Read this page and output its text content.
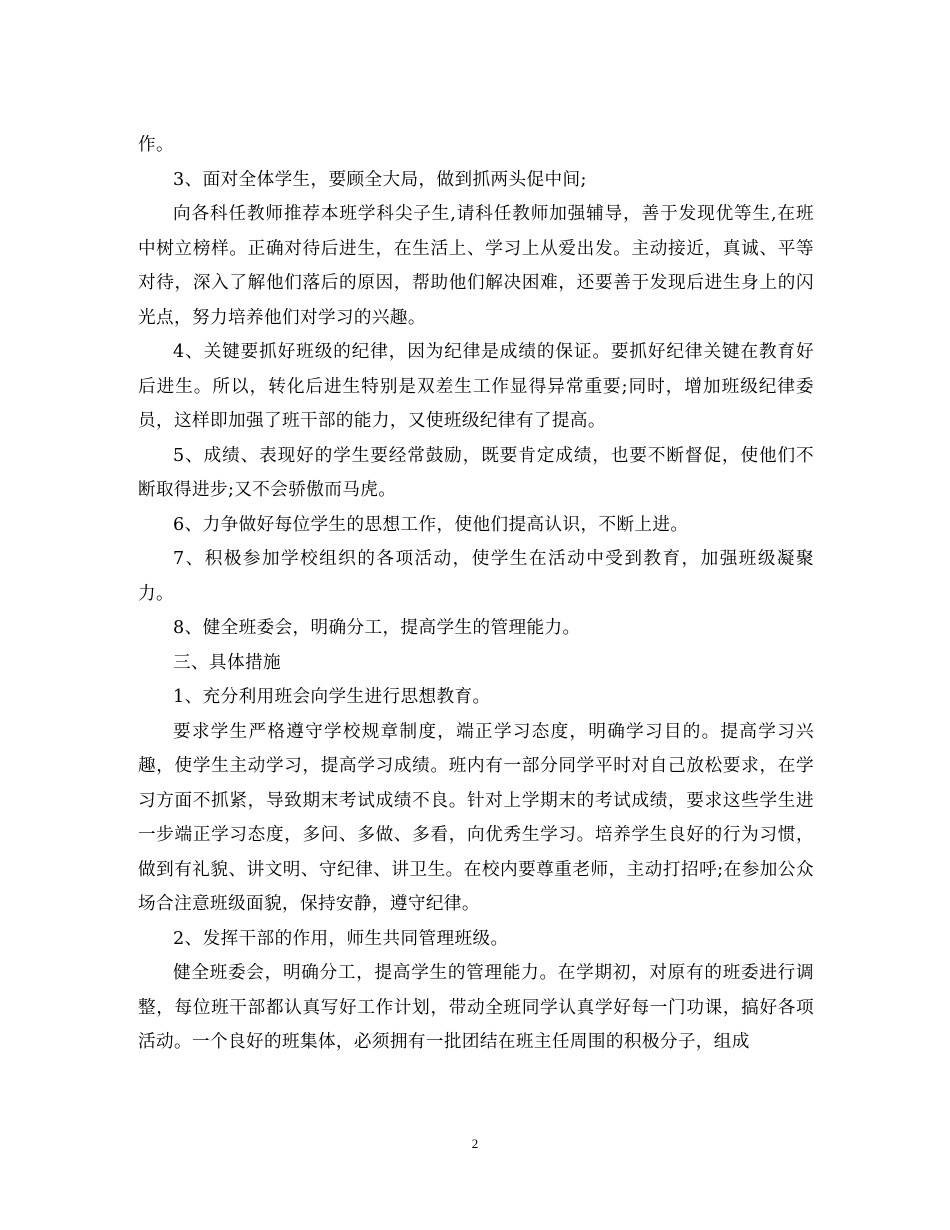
作。

3、面对全体学生，要顾全大局，做到抓两头促中间;

向各科任教师推荐本班学科尖子生,请科任教师加强辅导，善于发现优等生,在班中树立榜样。正确对待后进生，在生活上、学习上从爱出发。主动接近，真诚、平等对待，深入了解他们落后的原因，帮助他们解决困难，还要善于发现后进生身上的闪光点，努力培养他们对学习的兴趣。

4、关键要抓好班级的纪律，因为纪律是成绩的保证。要抓好纪律关键在教育好后进生。所以，转化后进生特别是双差生工作显得异常重要;同时，增加班级纪律委员，这样即加强了班干部的能力，又使班级纪律有了提高。

5、成绩、表现好的学生要经常鼓励，既要肯定成绩，也要不断督促，使他们不断取得进步;又不会骄傲而马虎。

6、力争做好每位学生的思想工作，使他们提高认识，不断上进。

7、积极参加学校组织的各项活动，使学生在活动中受到教育，加强班级凝聚力。

8、健全班委会，明确分工，提高学生的管理能力。

三、具体措施

1、充分利用班会向学生进行思想教育。

要求学生严格遵守学校规章制度，端正学习态度，明确学习目的。提高学习兴趣，使学生主动学习，提高学习成绩。班内有一部分同学平时对自己放松要求，在学习方面不抓紧，导致期末考试成绩不良。针对上学期末的考试成绩，要求这些学生进一步端正学习态度，多问、多做、多看，向优秀生学习。培养学生良好的行为习惯，做到有礼貌、讲文明、守纪律、讲卫生。在校内要尊重老师，主动打招呼;在参加公众场合注意班级面貌，保持安静，遵守纪律。

2、发挥干部的作用，师生共同管理班级。

健全班委会，明确分工，提高学生的管理能力。在学期初，对原有的班委进行调整，每位班干部都认真写好工作计划，带动全班同学认真学好每一门功课，搞好各项活动。一个良好的班集体，必须拥有一批团结在班主任周围的积极分子，组成

2
